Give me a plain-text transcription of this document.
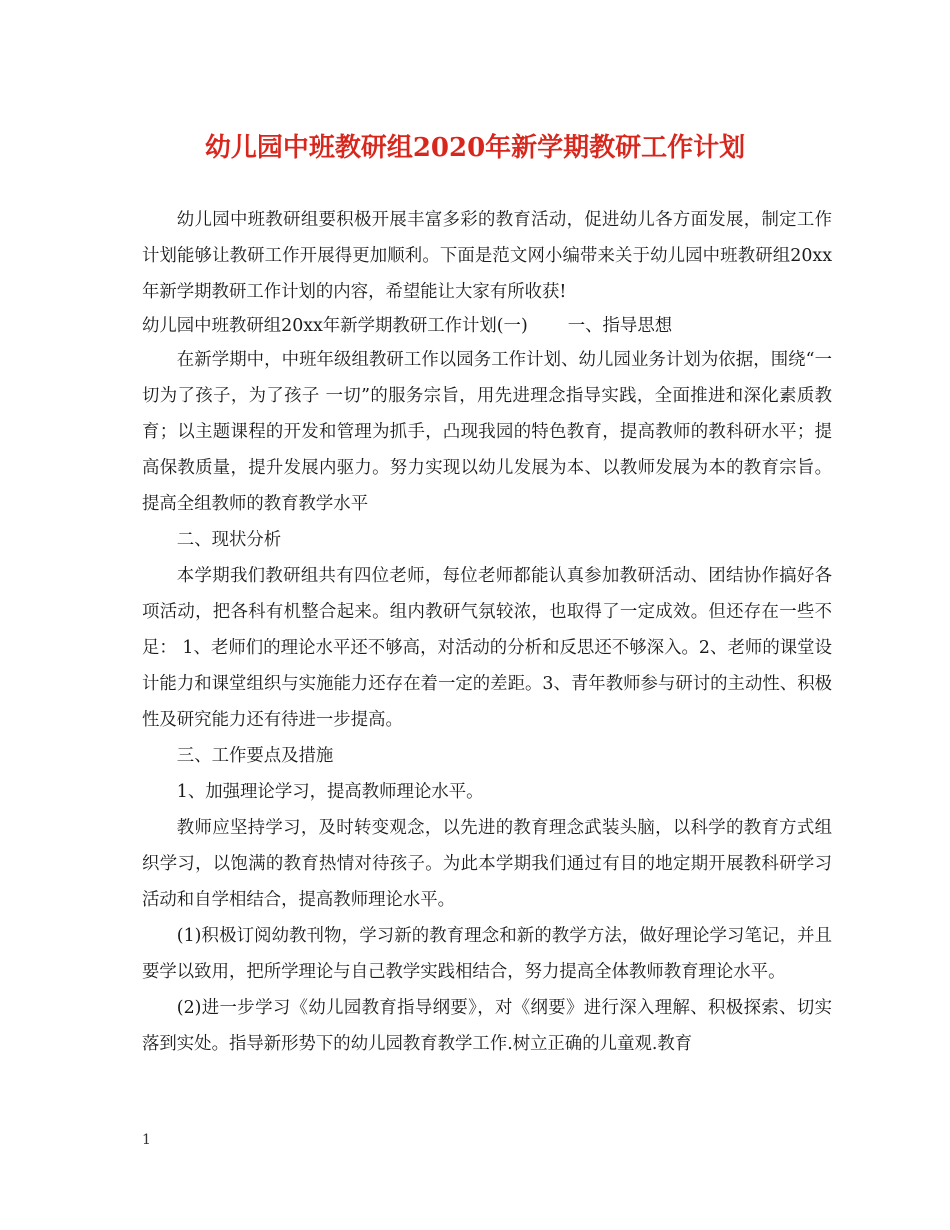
幼儿园中班教研组2020年新学期教研工作计划

幼儿园中班教研组要积极开展丰富多彩的教育活动，促进幼儿各方面发展，制定工作计划能够让教研工作开展得更加顺利。下面是范文网小编带来关于幼儿园中班教研组20xx年新学期教研工作计划的内容，希望能让大家有所收获!

幼儿园中班教研组20xx年新学期教研工作计划(一) 一、指导思想

在新学期中，中班年级组教研工作以园务工作计划、幼儿园业务计划为依据，围绕“一切为了孩子，为了孩子 一切”的服务宗旨，用先进理念指导实践，全面推进和深化素质教育；以主题课程的开发和管理为抓手，凸现我园的特色教育，提高教师的教科研水平；提高保教质量，提升发展内驱力。努力实现以幼儿发展为本、以教师发展为本的教育宗旨。提高全组教师的教育教学水平

二、现状分析

本学期我们教研组共有四位老师，每位老师都能认真参加教研活动、团结协作搞好各项活动，把各科有机整合起来。组内教研气氛较浓，也取得了一定成效。但还存在一些不足： 1、老师们的理论水平还不够高，对活动的分析和反思还不够深入。2、老师的课堂设计能力和课堂组织与实施能力还存在着一定的差距。3、青年教师参与研讨的主动性、积极性及研究能力还有待进一步提高。

三、工作要点及措施

1、加强理论学习，提高教师理论水平。

教师应坚持学习，及时转变观念，以先进的教育理念武装头脑，以科学的教育方式组织学习，以饱满的教育热情对待孩子。为此本学期我们通过有目的地定期开展教科研学习活动和自学相结合，提高教师理论水平。

(1)积极订阅幼教刊物，学习新的教育理念和新的教学方法，做好理论学习笔记，并且要学以致用，把所学理论与自己教学实践相结合，努力提高全体教师教育理论水平。

(2)进一步学习《幼儿园教育指导纲要》，对《纲要》进行深入理解、积极探索、切实落到实处。指导新形势下的幼儿园教育教学工作.树立正确的儿童观.教育

1
